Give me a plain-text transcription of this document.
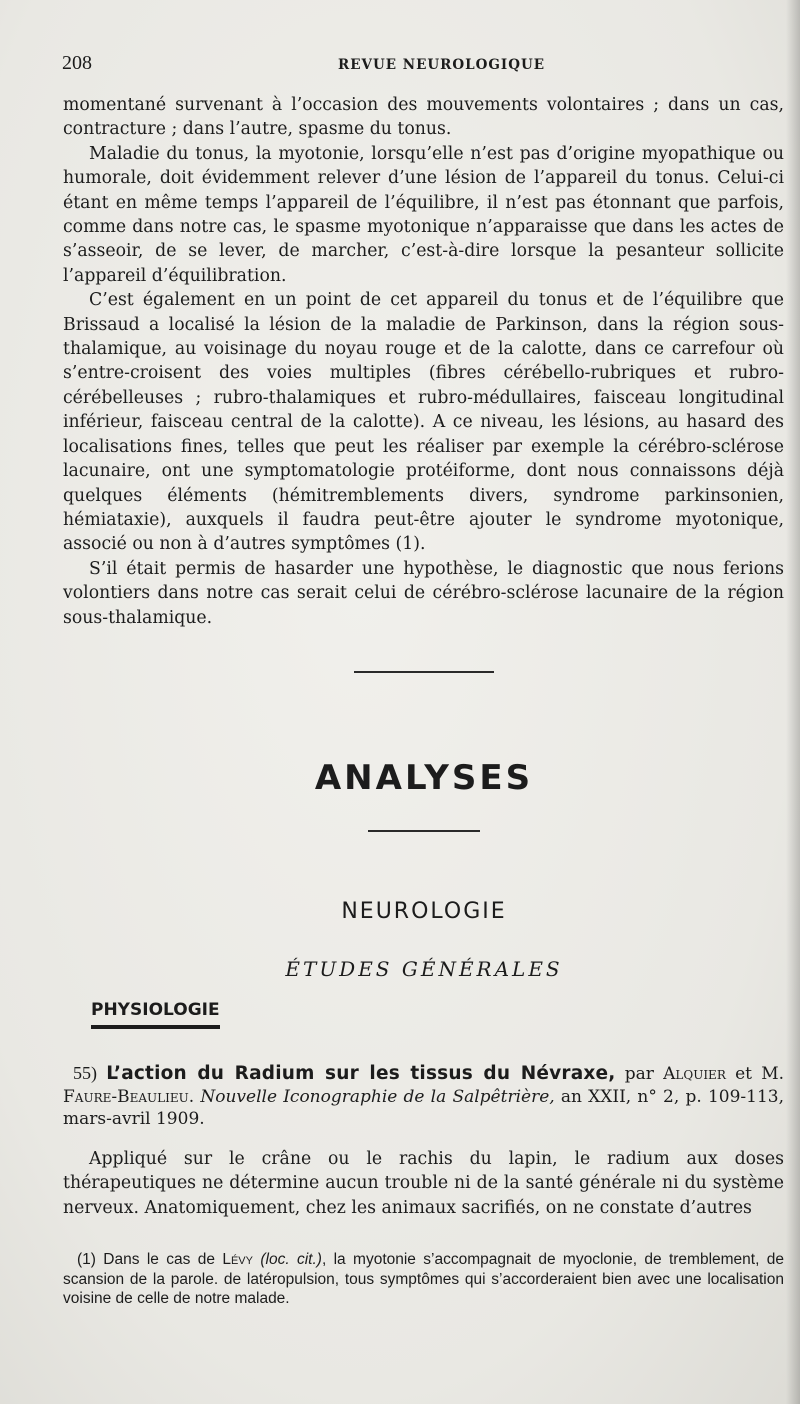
208	REVUE NEUROLOGIQUE

momentané survenant à l’occasion des mouvements volontaires ; dans un cas, contracture ; dans l’autre, spasme du tonus.

Maladie du tonus, la myotonie, lorsqu’elle n’est pas d’origine myopathique ou humorale, doit évidemment relever d’une lésion de l’appareil du tonus. Celui-ci étant en même temps l’appareil de l’équilibre, il n’est pas étonnant que parfois, comme dans notre cas, le spasme myotonique n’apparaisse que dans les actes de s’asseoir, de se lever, de marcher, c’est-à-dire lorsque la pesanteur sollicite l’appareil d’équilibration.

C’est également en un point de cet appareil du tonus et de l’équilibre que Brissaud a localisé la lésion de la maladie de Parkinson, dans la région sous-thalamique, au voisinage du noyau rouge et de la calotte, dans ce carrefour où s’entre-croisent des voies multiples (fibres cérébello-rubriques et rubro-cérébelleuses ; rubro-thalamiques et rubro-médullaires, faisceau longitudinal inférieur, faisceau central de la calotte). A ce niveau, les lésions, au hasard des localisations fines, telles que peut les réaliser par exemple la cérébro-sclérose lacunaire, ont une symptomatologie protéiforme, dont nous connaissons déjà quelques éléments (hémitremblements divers, syndrome parkinsonien, hémiataxie), auxquels il faudra peut-être ajouter le syndrome myotonique, associé ou non à d’autres symptômes (1).

S’il était permis de hasarder une hypothèse, le diagnostic que nous ferions volontiers dans notre cas serait celui de cérébro-sclérose lacunaire de la région sous-thalamique.

ANALYSES
NEUROLOGIE
ÉTUDES GÉNÉRALES
PHYSIOLOGIE
55) L’action du Radium sur les tissus du Névraxe, par Alquier et M. Faure-Beaulieu. Nouvelle Iconographie de la Salpêtrière, an XXII, n° 2, p. 109-113, mars-avril 1909.
Appliqué sur le crâne ou le rachis du lapin, le radium aux doses thérapeutiques ne détermine aucun trouble ni de la santé générale ni du système nerveux. Anatomiquement, chez les animaux sacrifiés, on ne constate d’autres
(1) Dans le cas de Lévy (loc. cit.), la myotonie s’accompagnait de myoclonie, de tremblement, de scansion de la parole. de latéropulsion, tous symptômes qui s’accorderaient bien avec une localisation voisine de celle de notre malade.
